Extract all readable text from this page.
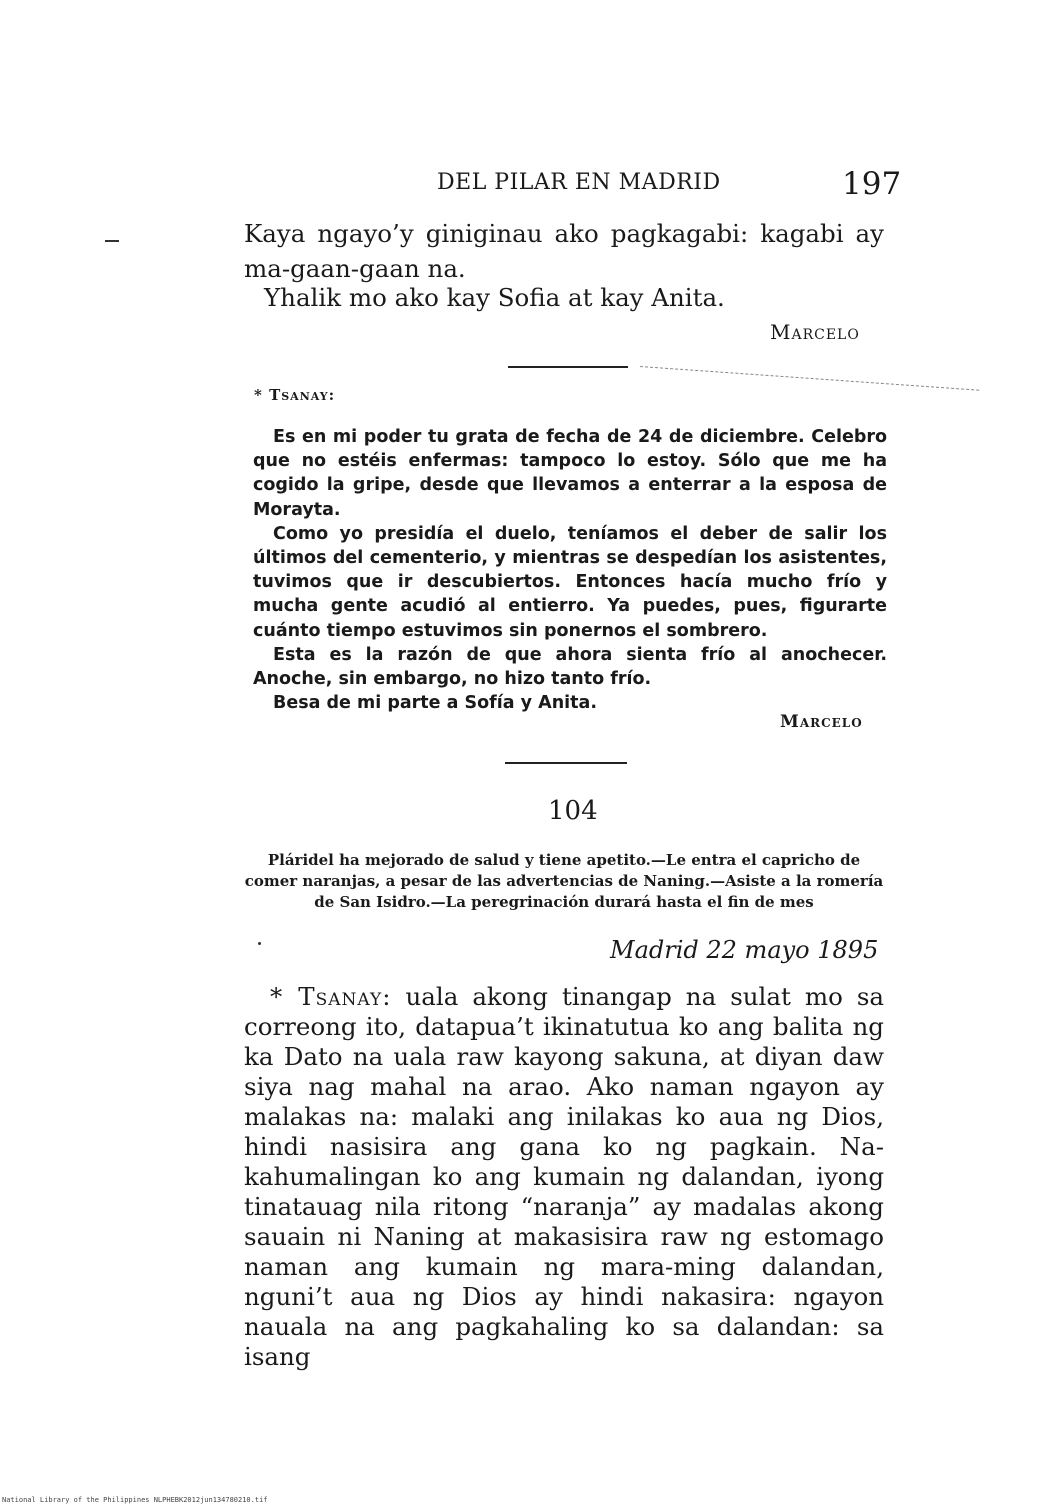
DEL PILAR EN MADRID	197

Kaya ngayo’y giniginau ako pagkagabi: kagabi ay ma-gaan-gaan na.

Yhalik mo ako kay Sofia at kay Anita.

Marcelo
* Tsanay:

Es en mi poder tu grata de fecha de 24 de diciembre. Celebro que no estéis enfermas: tampoco lo estoy. Sólo que me ha cogido la gripe, desde que llevamos a enterrar a la esposa de Morayta.

Como yo presidía el duelo, teníamos el deber de salir los últimos del cementerio, y mientras se despedían los asistentes, tuvimos que ir descubiertos. Entonces hacía mucho frío y mucha gente acudió al entierro. Ya puedes, pues, figurarte cuánto tiempo estuvimos sin ponernos el sombrero.

Esta es la razón de que ahora sienta frío al anochecer. Anoche, sin embargo, no hizo tanto frío.

Besa de mi parte a Sofía y Anita.

Marcelo
104

Pláridel ha mejorado de salud y tiene apetito.—Le entra el capricho de comer naranjas, a pesar de las advertencias de Naning.—Asiste a la romería de San Isidro.—La peregrinación durará hasta el fin de mes

Madrid 22 mayo 1895

* Tsanay: uala akong tinangap na sulat mo sa correong ito, datapua’t ikinatutua ko ang balita ng ka Dato na uala raw kayong sakuna, at diyan daw siya nag mahal na arao. Ako naman ngayon ay malakas na: malaki ang inilakas ko aua ng Dios, hindi nasisira ang gana ko ng pagkain. Na-kahumalingan ko ang kumain ng dalandan, iyong tinatauag nila ritong “naranja” ay madalas akong sauain ni Naning at makasisira raw ng estomago naman ang kumain ng mara-ming dalandan, nguni’t aua ng Dios ay hindi nakasira: ngayon nauala na ang pagkahaling ko sa dalandan: sa isang

National Library of the Philippines NLPHEBK2012jun134780210.tif
